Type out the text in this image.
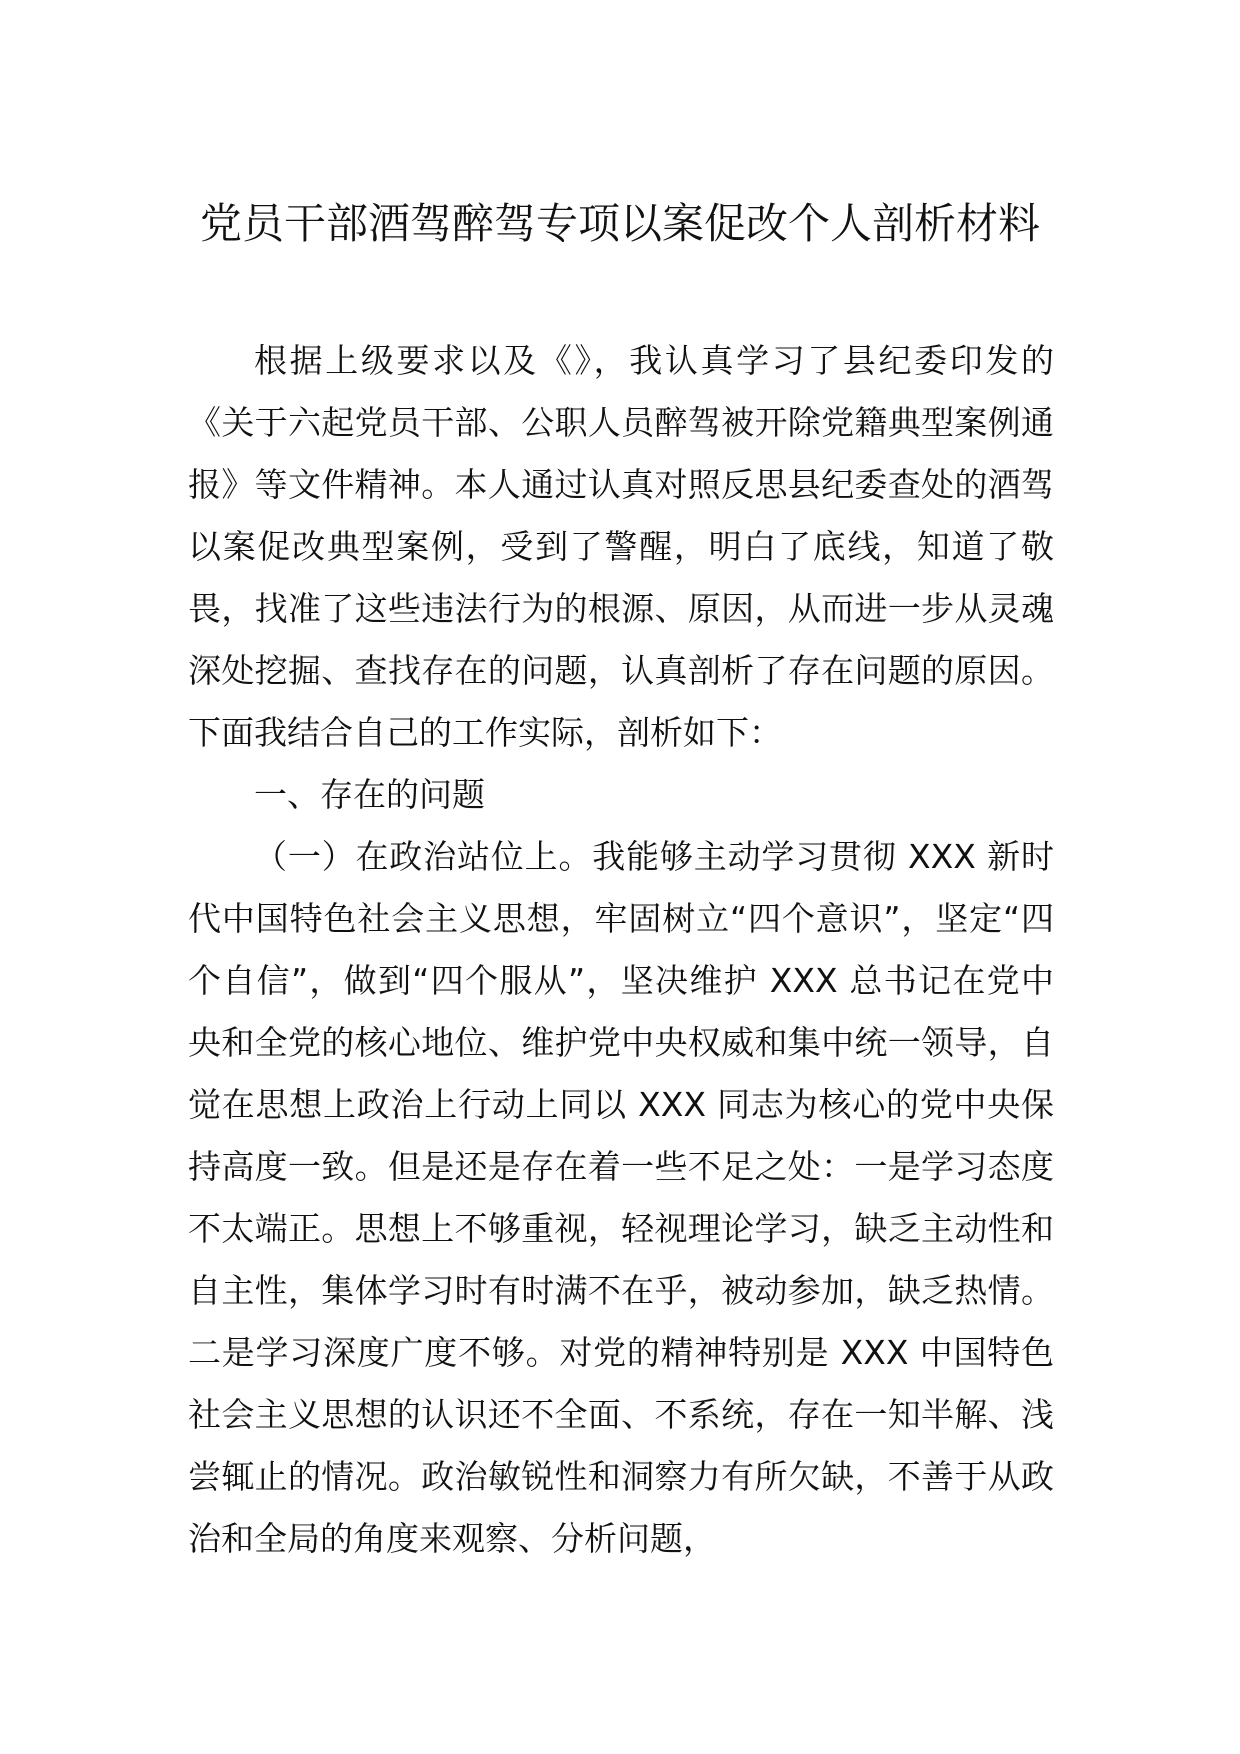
党员干部酒驾醉驾专项以案促改个人剖析材料

根据上级要求以及《》，我认真学习了县纪委印发的《关于六起党员干部、公职人员醉驾被开除党籍典型案例通报》等文件精神。本人通过认真对照反思县纪委查处的酒驾以案促改典型案例，受到了警醒，明白了底线，知道了敬畏，找准了这些违法行为的根源、原因，从而进一步从灵魂深处挖掘、查找存在的问题，认真剖析了存在问题的原因。下面我结合自己的工作实际，剖析如下：

一、存在的问题

（一）在政治站位上。我能够主动学习贯彻 XXX 新时代中国特色社会主义思想，牢固树立“四个意识”，坚定“四个自信”，做到“四个服从”，坚决维护 XXX 总书记在党中央和全党的核心地位、维护党中央权威和集中统一领导，自觉在思想上政治上行动上同以 XXX 同志为核心的党中央保持高度一致。但是还是存在着一些不足之处：一是学习态度不太端正。思想上不够重视，轻视理论学习，缺乏主动性和自主性，集体学习时有时满不在乎，被动参加，缺乏热情。二是学习深度广度不够。对党的精神特别是 XXX 中国特色社会主义思想的认识还不全面、不系统，存在一知半解、浅尝辄止的情况。政治敏锐性和洞察力有所欠缺，不善于从政治和全局的角度来观察、分析问题，
